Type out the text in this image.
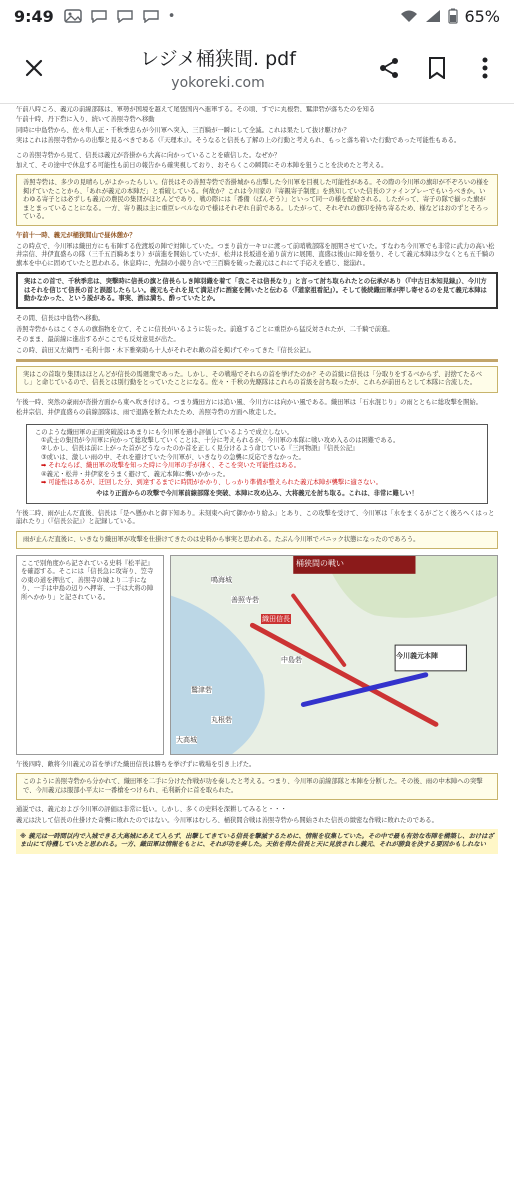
9:49	•	65%
レジメ桶狭間. pdf
yokoreki.com

午前八時ころ、義元の前線部隊は、軍勢が国境を越えて尾張国内へ進軍する。その頃、すでに丸根砦、鷲津砦が落ちたのを知る

午前十時、丹下砦に入り、続いて善照寺砦へ移動

同時に中島砦から、佐々隼人正・千秋季忠らが今川軍へ突入、三百騎が一瞬にして全滅。これは果たして抜け駆けか？

実はこれは善照寺砦からの出撃と見るべきである（『天理本』）。そうなると信長も了解の上の行動と考えられ、もっと落ち着いた行動であった可能性もある。

この善照寺砦から見て、信長は義元が沓掛から大高に向かっていることを確信した。なぜか？

加えて、その途中で休息する可能性も前日の報告から確実視しており、おそらくこの瞬間にその本陣を狙うことを決めたと考える。

善照寺砦は、多少の見晴らしがよかったらしい。信長はその善照寺砦で沓掛城から出撃した今川軍を目視した可能性がある。その際の今川軍の旗印が不ぞろいの様を掲げていたことから、「あれが義元の本陣だ」と看破している。何故か？これは今川家の『寄親寄子制度』を熟知していた信長のファインプレーでもいうべきか。いわゆる寄子とは必ずしも義元の農民の集団がほとんどであり、戦の際には「番備（ばんぞう）」といって同一の様を配給される。したがって、寄子の隊で揃った旗がまとまっていることになる。一方、寄り親は主に重臣レベルなので様はそれぞれ自前である。したがって、それぞれの旗印を持ち寄るため、様などはおのずとそろっている。

午前十一時、義元が桶狭間山で昼休憩か？

この時点で、今川軍は織田方にも布陣する佐渡坂の陣で対陣していた。つまり前方一キロに渡って前哨戦部隊を展開させていた。すなわち今川軍でも非常に武力の高い松井宗信、井伊直盛らの隊（三千五百騎あまり）が前進を開始していたが、松井は長坂道を通り前方に展開、直盛は後山に陣を張り、そして義元本陣は少なくとも五千騎の旗本を中心に固めていたと思われる。休息時に、先制の小競り合いで三百騎を破った義元はこれにて手応えを感じ、総崩れ。

実はこの首で、千秋季忠は、突撃時に信長の旗と信長らしき陣羽織を着て「我こそは信長なり」と言って討ち取られたとの伝承があり（『中古日本知見録』）、今川方はそれを信じて信長の首と誤認したらしい。義元もそれを見て満足げに酒宴を開いたと伝わる（『道家祖看記』）。そして後続織田軍が押し寄せるのを見て義元本陣は動かなかった、という説がある。事実、酒は満ち、酔っていたとか。

その間、信長は中島砦へ移動。

善照寺砦からはこくさんの旗指物を立て、そこに信長がいるように装った。前進するごとに重臣から猛反対されたが、二千騎で前進。

そのまま、最前線に進出するがここでも反対意見が出た。

この時、前田又左衛門・毛利十郎・木下雅楽助ら十人がそれぞれ敵の首を掲げてやってきた『信長公記』。

実はこの首取り集団はほとんどが信長の馬廻衆であった。しかし、その戦場でそれらの首を挙げたのか？その首級に信長は「分取りをするべからず、討捨てたるべし」と命じているので、信長とは別行動をとっていたことになる。佐々・千秋の先駆隊はこれらの首級を討ち取ったが、これらが前田らとして本隊に合流した。

午後一時、突然の豪雨が沓掛方面から東へ吹き付ける。つまり織田方には追い風、今川方には向かい風である。織田軍は「石水混じり」の雨とともに総攻撃を開始。

松井宗信、井伊直盛らの前線部隊は、雨で退路を断たれたため、善照寺砦の方面へ敗走した。

このような織田軍の正面突破説はあまりにも今川軍を過小評価しているようで成立しない。
①武士の集団が今川軍に向かって総攻撃していくことは、十分に考えられるが、今川軍の本隊に戦い攻め入るのは困難である。
②しかし、信長は前に上がった首がどうなったのか首を正しく見分けるよう命じている『三河物語』『信長公記』
③或いは、激しい雨の中、それを避けていた今川軍が、いきなりの急襲に反応できなかった。
➡ それならば、織田軍の攻撃を知った時に今川軍の手が薄く、そこを突いた可能性はある。
④義元・松井・井伊家をうまく避けて、義元本陣に襲いかかった。
➡ 可能性はあるが、迂回した分、到達するまでに時間がかかり、しっかり準備が整えられた義元本陣が襲撃に適さない。
やはり正面からの攻撃で今川軍前線部隊を突破、本陣に攻め込み、大将義元を討ち取る。これは、非常に難しい！

午後二時、雨が止んだ直後、信長は「是へ懸かれと御下知あり。未刻東へ向て御かかり給ふ」とあり、この攻撃を受けて、今川軍は「水をまくるがごとく後ろへくはっと崩れたり」（『信長公記』）と記録している。

雨が止んだ直後に、いきなり織田軍が攻撃を仕掛けてきたのは史料から事実と思われる。たぶん今川軍でパニック状態になったのであろう。
ここで別角度から記されている史料『松平記』を確認する。そこには「信長急に攻寄り、笠寺の東の道を押出て、善照寺の城より二手になり、一手は中島の辺りへ押寄、一手は大将の陣所へかかり」と記されている。
桶狭間の戦い
今川義元本陣
織田信長
中島砦
善照寺砦
鷲津砦
丸根砦
大高城
鳴海城

午後四時、敵将今川義元の首を挙げた織田信長は勝ちを挙げずに戦場を引き上げた。

このように善照寺砦から分かれて、織田軍を二手に分けた作戦が功を奏したと考える。つまり、今川軍の前線部隊と本陣を分断した。その後、雨の中本陣への突撃で、今川義元は服部小平太に一番槍をつけられ、毛利新介に首を取られた。

通説では、義元および今川軍の評価は非常に低い。しかし、多くの史料を深耕してみると・・・

義元は決して信長の仕掛けた奇襲に敗れたのではない。今川軍はむしろ、桶狭間合戦は善照寺砦から開始された信長の緻密な作戦に敗れたのである。

※ 義元は一時間以内で入城できる大高城にあえて入らず、出撃してきている信長を撃滅するために、情報を収集していた。その中で最も有効な布陣を構築し、おけはざま山にて待機していたと思われる。一方、織田軍は情報をもとに、それが功を奏した。天佑を得た信長と天に見放されし義元、それが勝負を決する要因かもしれない
